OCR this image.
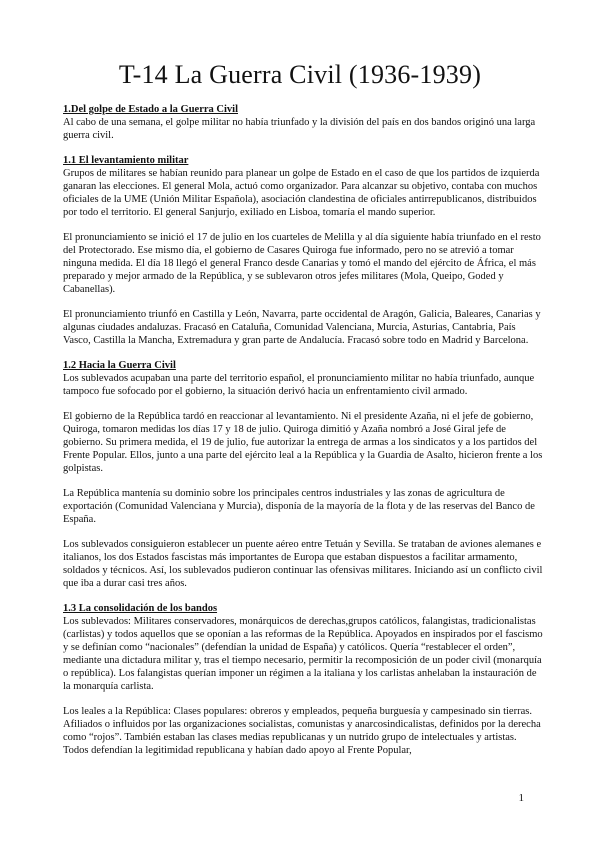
T-14 La Guerra Civil (1936-1939)
1.Del golpe de Estado a la Guerra Civil

Al cabo de una semana, el golpe militar no había triunfado y la división del país en dos bandos originó una larga guerra civil.

1.1 El levantamiento militar

Grupos de militares se habían reunido para planear un golpe de Estado en el caso de que los partidos de izquierda ganaran las elecciones. El general Mola, actuó como organizador. Para alcanzar su objetivo, contaba con muchos oficiales de la UME (Unión Militar Española), asociación clandestina de oficiales antirrepublicanos, distribuidos por todo el territorio. El general Sanjurjo, exiliado en Lisboa, tomaría el mando superior.

El pronunciamiento se inició el 17 de julio en los cuarteles de Melilla y al día siguiente había triunfado en el resto del Protectorado. Ese mismo día, el gobierno de Casares Quiroga fue informado, pero no se atrevió a tomar ninguna medida. El día 18 llegó el general Franco desde Canarias y tomó el mando del ejército de África, el más preparado y mejor armado de la República, y se sublevaron otros jefes militares (Mola, Queipo, Goded y Cabanellas).

El pronunciamiento triunfó en Castilla y León, Navarra, parte occidental de Aragón, Galicia, Baleares, Canarias y algunas ciudades andaluzas. Fracasó en Cataluña, Comunidad Valenciana, Murcia, Asturias, Cantabria, País Vasco, Castilla la Mancha, Extremadura y gran parte de Andalucía. Fracasó sobre todo en Madrid y Barcelona.

1.2 Hacia la Guerra Civil

Los sublevados acupaban una parte del territorio español, el pronunciamiento militar no había triunfado, aunque tampoco fue sofocado por el gobierno, la situación derivó hacia un enfrentamiento civil armado.

El gobierno de la República tardó en reaccionar al levantamiento. Ni el presidente Azaña, ni el jefe de gobierno, Quiroga, tomaron medidas los días 17 y 18 de julio. Quiroga dimitió y Azaña nombró a José Giral jefe de gobierno. Su primera medida, el 19 de julio, fue autorizar la entrega de armas a los sindicatos y a los partidos del Frente Popular. Ellos, junto a una parte del ejército leal a la República y la Guardia de Asalto, hicieron frente a los golpistas.

La República mantenía su dominio sobre los principales centros industriales y las zonas de agricultura de exportación (Comunidad Valenciana y Murcia), disponía de la mayoría de la flota y de las reservas del Banco de España.

Los sublevados consiguieron establecer un puente aéreo entre Tetuán y Sevilla. Se trataban de aviones alemanes e italianos, los dos Estados fascistas más importantes de Europa que estaban dispuestos a facilitar armamento, soldados y técnicos. Así, los sublevados pudieron continuar las ofensivas militares. Iniciando así un conflicto civil que iba a durar casi tres años.

1.3 La consolidación de los bandos

Los sublevados: Militares conservadores, monárquicos de derechas,grupos católicos, falangistas, tradicionalistas (carlistas) y todos aquellos que se oponían a las reformas de la República. Apoyados en inspirados por el fascismo y se definían como “nacionales” (defendían la unidad de España) y católicos. Quería “restablecer el orden”, mediante una dictadura militar y, tras el tiempo necesario, permitir la recomposición de un poder civil (monarquía o república). Los falangistas querían imponer un régimen a la italiana y los carlistas anhelaban la instauración de la monarquía carlista.

Los leales a la República: Clases populares: obreros y empleados, pequeña burguesía y campesinado sin tierras. Afiliados o influidos por las organizaciones socialistas, comunistas y anarcosindicalistas, definidos por la derecha como “rojos”. También estaban las clases medias republicanas y un nutrido grupo de intelectuales y artistas. Todos defendían la legitimidad republicana y habían dado apoyo al Frente Popular,

1
